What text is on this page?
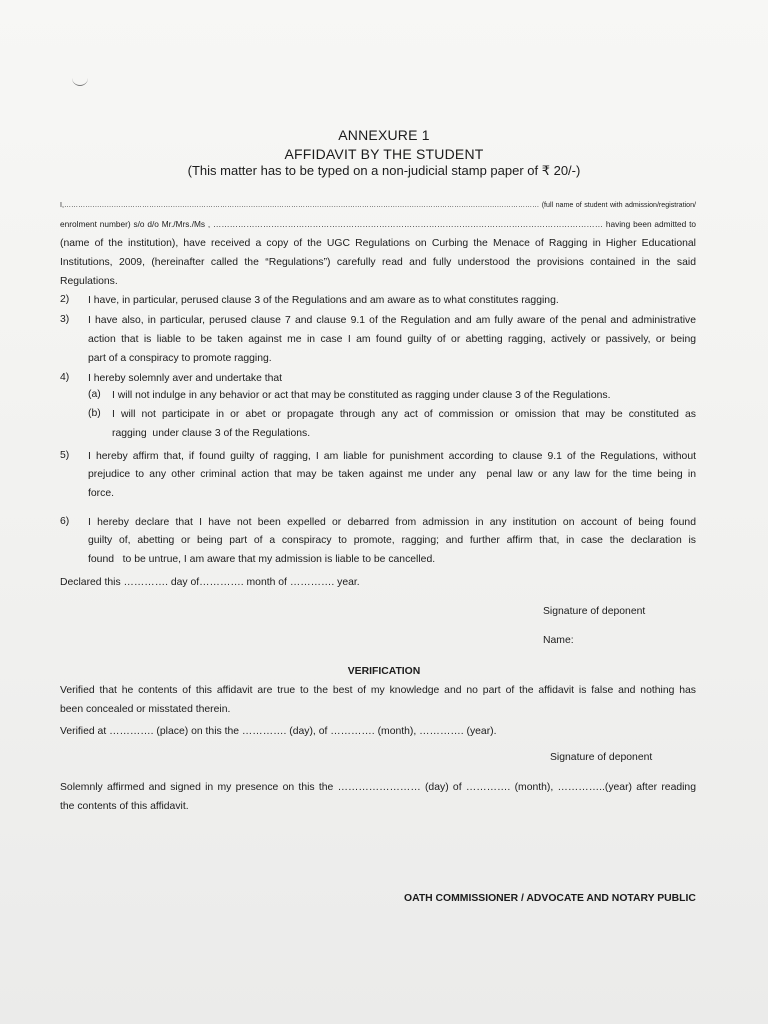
ANNEXURE 1
AFFIDAVIT BY THE STUDENT
(This matter has to be typed on a non-judicial stamp paper of ₹ 20/-)
I,………………………………………………………………………………………………………………………………………………………………………………… (full name of student with admission/registration/
enrolment number) s/o d/o Mr./Mrs./Ms , …………………………………………………………………………………………………………………………… having been admitted to
(name of the institution), have received a copy of the UGC Regulations on Curbing the Menace of Ragging in Higher Educational
Institutions, 2009, (hereinafter called the “Regulations”) carefully read and fully understood the provisions contained in the said
Regulations.
2) I have, in particular, perused clause 3 of the Regulations and am aware as to what constitutes ragging.
3) I have also, in particular, perused clause 7 and clause 9.1 of the Regulation and am fully aware of the penal and administrative
action that is liable to be taken against me in case I am found guilty of or abetting ragging, actively or passively, or being
part of a conspiracy to promote ragging.
4) I hereby solemnly aver and undertake that
(a) I will not indulge in any behavior or act that may be constituted as ragging under clause 3 of the Regulations.
(b) I will not participate in or abet or propagate through any act of commission or omission that may be constituted as
ragging  under clause 3 of the Regulations.
5) I hereby affirm that, if found guilty of ragging, I am liable for punishment according to clause 9.1 of the Regulations, without
prejudice to any other criminal action that may be taken against me under any  penal law or any law for the time being in
force.
6) I hereby declare that I have not been expelled or debarred from admission in any institution on account of being found
guilty of, abetting or being part of a conspiracy to promote, ragging; and further affirm that, in case the declaration is
found   to be untrue, I am aware that my admission is liable to be cancelled.
Declared this …………. day of…………. month of …………. year.
Signature of deponent
Name:
VERIFICATION
Verified that he contents of this affidavit are true to the best of my knowledge and no part of the affidavit is false and nothing has
been concealed or misstated therein.
Verified at …………. (place) on this the …………. (day), of …………. (month), …………. (year).
Signature of deponent
Solemnly affirmed and signed in my presence on this the …………………… (day) of …………. (month), …………..(year) after reading
the contents of this affidavit.
OATH COMMISSIONER / ADVOCATE AND NOTARY PUBLIC
